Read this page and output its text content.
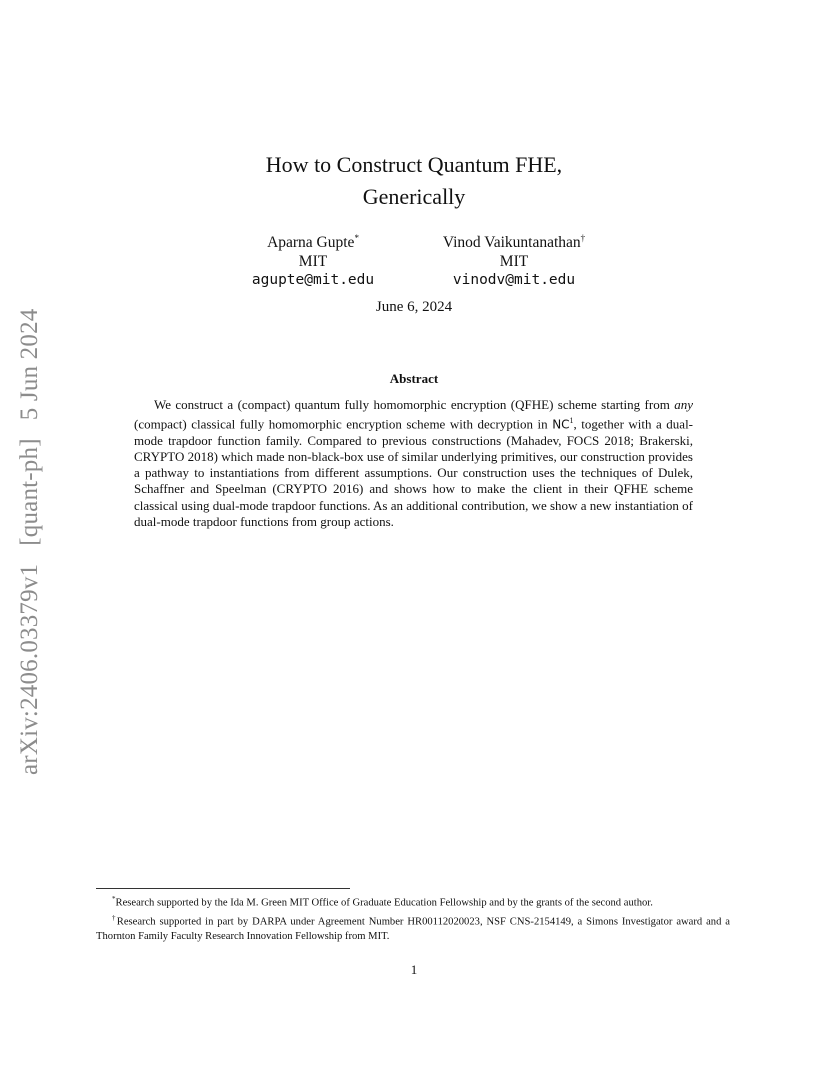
arXiv:2406.03379v1[quant-ph]5 Jun 2024
How to Construct Quantum FHE,
Generically
Aparna Gupte*
MIT
agupte@mit.edu
Vinod Vaikuntanathan†
MIT
vinodv@mit.edu
June 6, 2024
Abstract
We construct a (compact) quantum fully homomorphic encryption (QFHE) scheme starting from any (compact) classical fully homomorphic encryption scheme with decryption in $NC^1$, together with a dual-mode trapdoor function family. Compared to previous constructions (Mahadev, FOCS 2018; Brakerski, CRYPTO 2018) which made non-black-box use of similar underlying primitives, our construction provides a pathway to instantiations from different assumptions. Our construction uses the techniques of Dulek, Schaffner and Speelman (CRYPTO 2016) and shows how to make the client in their QFHE scheme classical using dual-mode trapdoor functions. As an additional contribution, we show a new instantiation of dual-mode trapdoor functions from group actions.

*Research supported by the Ida M. Green MIT Office of Graduate Education Fellowship and by the grants of the second author.

†Research supported in part by DARPA under Agreement Number HR00112020023, NSF CNS-2154149, a Simons Investigator award and a Thornton Family Faculty Research Innovation Fellowship from MIT.

1
